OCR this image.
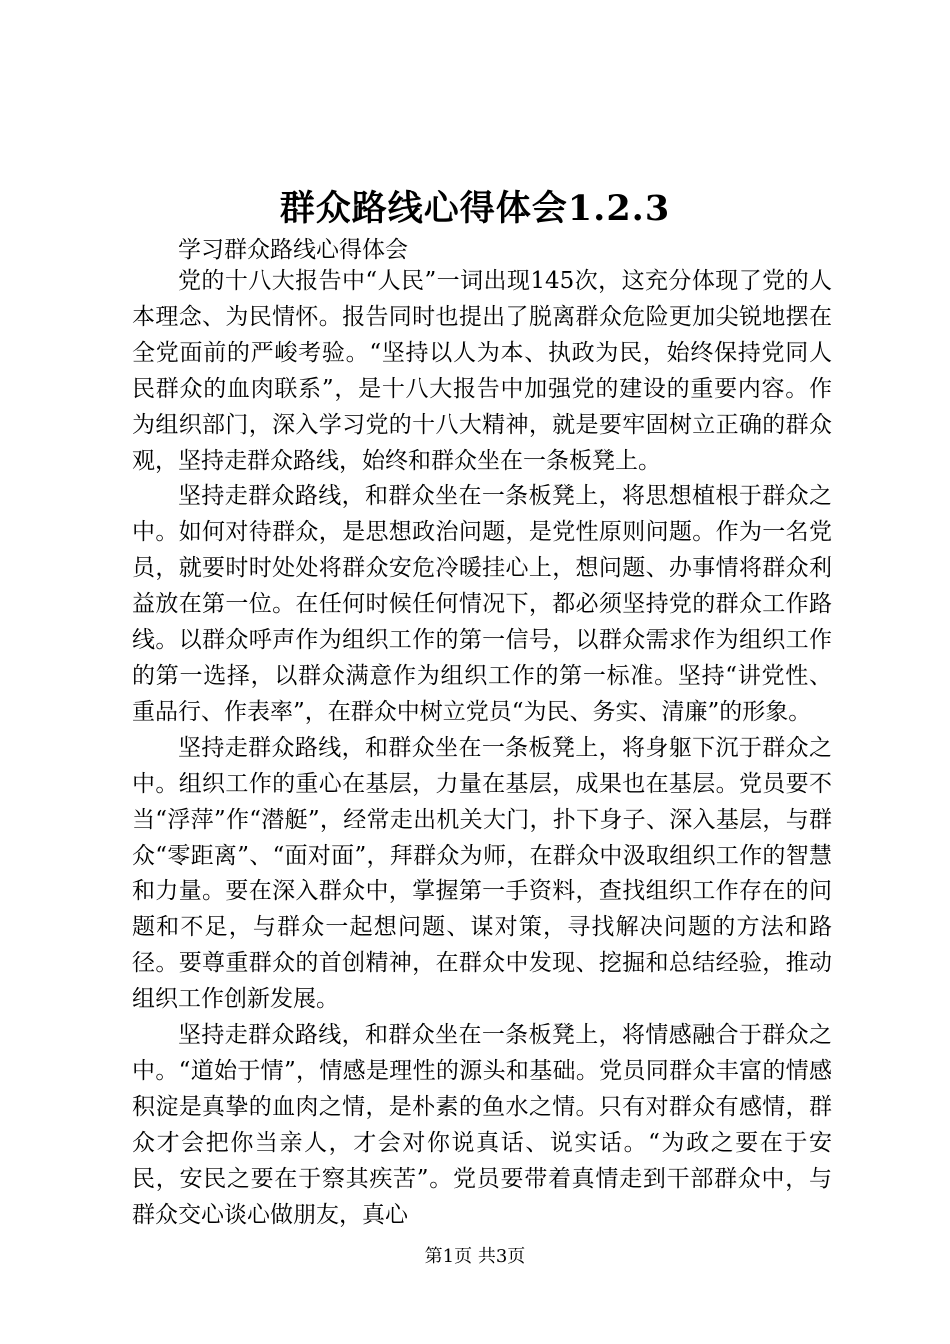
群众路线心得体会1.2.3

学习群众路线心得体会

党的十八大报告中“人民”一词出现145次，这充分体现了党的人本理念、为民情怀。报告同时也提出了脱离群众危险更加尖锐地摆在全党面前的严峻考验。“坚持以人为本、执政为民，始终保持党同人民群众的血肉联系”，是十八大报告中加强党的建设的重要内容。作为组织部门，深入学习党的十八大精神，就是要牢固树立正确的群众观，坚持走群众路线，始终和群众坐在一条板凳上。

坚持走群众路线，和群众坐在一条板凳上，将思想植根于群众之中。如何对待群众，是思想政治问题，是党性原则问题。作为一名党员，就要时时处处将群众安危冷暖挂心上，想问题、办事情将群众利益放在第一位。在任何时候任何情况下，都必须坚持党的群众工作路线。以群众呼声作为组织工作的第一信号，以群众需求作为组织工作的第一选择，以群众满意作为组织工作的第一标准。坚持“讲党性、重品行、作表率”，在群众中树立党员“为民、务实、清廉”的形象。

坚持走群众路线，和群众坐在一条板凳上，将身躯下沉于群众之中。组织工作的重心在基层，力量在基层，成果也在基层。党员要不当“浮萍”作“潜艇”，经常走出机关大门，扑下身子、深入基层，与群众“零距离”、“面对面”，拜群众为师，在群众中汲取组织工作的智慧和力量。要在深入群众中，掌握第一手资料，查找组织工作存在的问题和不足，与群众一起想问题、谋对策，寻找解决问题的方法和路径。要尊重群众的首创精神，在群众中发现、挖掘和总结经验，推动组织工作创新发展。

坚持走群众路线，和群众坐在一条板凳上，将情感融合于群众之中。“道始于情”，情感是理性的源头和基础。党员同群众丰富的情感积淀是真挚的血肉之情，是朴素的鱼水之情。只有对群众有感情，群众才会把你当亲人，才会对你说真话、说实话。“为政之要在于安民，安民之要在于察其疾苦”。党员要带着真情走到干部群众中，与群众交心谈心做朋友，真心

第1页 共3页
